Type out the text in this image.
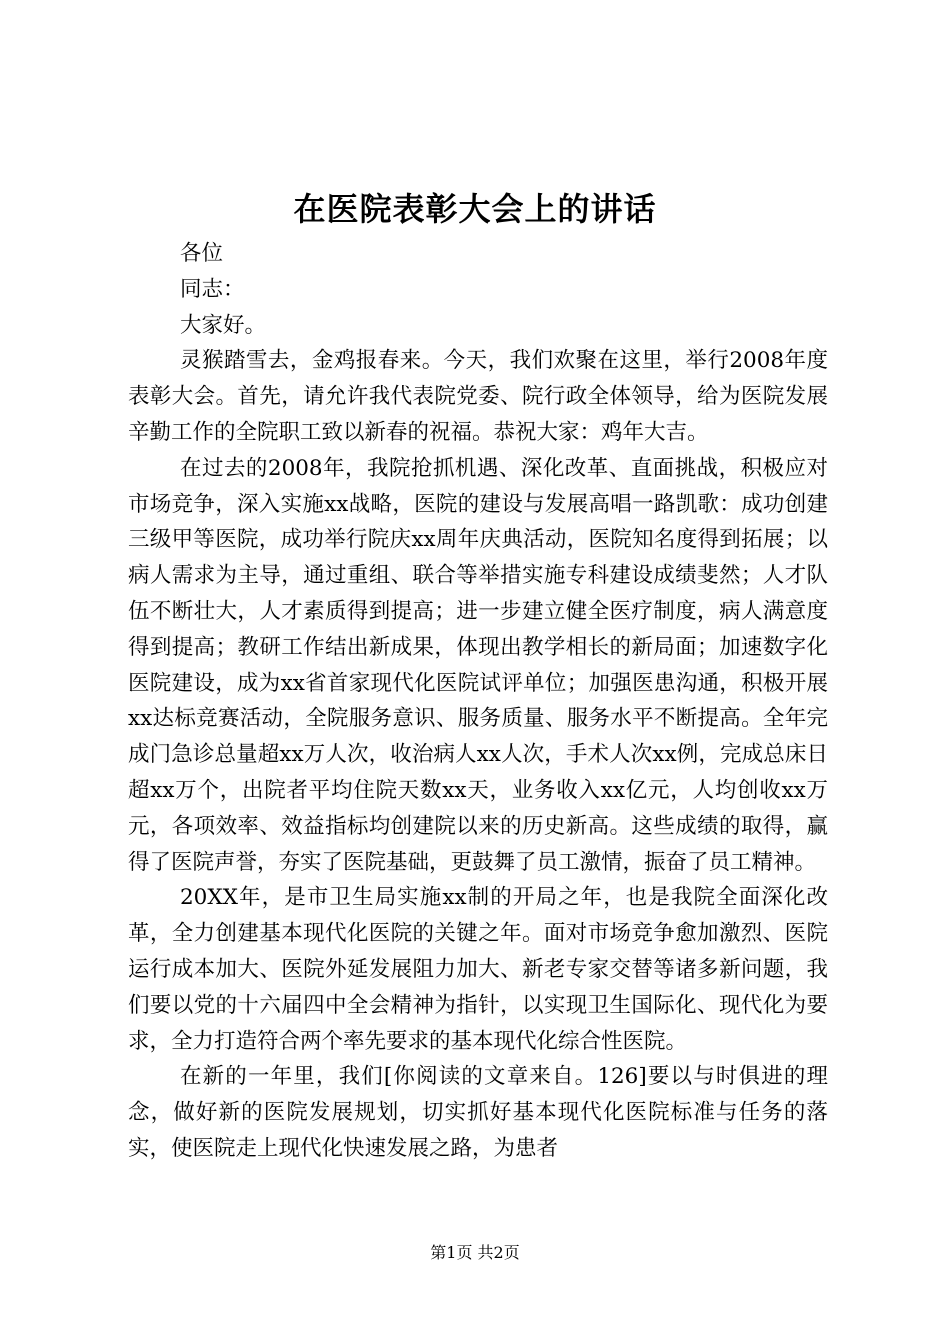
在医院表彰大会上的讲话

各位

同志：

大家好。

灵猴踏雪去，金鸡报春来。今天，我们欢聚在这里，举行2008年度表彰大会。首先，请允许我代表院党委、院行政全体领导，给为医院发展辛勤工作的全院职工致以新春的祝福。恭祝大家：鸡年大吉。

在过去的2008年，我院抢抓机遇、深化改革、直面挑战，积极应对市场竞争，深入实施xx战略，医院的建设与发展高唱一路凯歌：成功创建三级甲等医院，成功举行院庆xx周年庆典活动，医院知名度得到拓展；以病人需求为主导，通过重组、联合等举措实施专科建设成绩斐然；人才队伍不断壮大，人才素质得到提高；进一步建立健全医疗制度，病人满意度得到提高；教研工作结出新成果，体现出教学相长的新局面；加速数字化医院建设，成为xx省首家现代化医院试评单位；加强医患沟通，积极开展xx达标竞赛活动，全院服务意识、服务质量、服务水平不断提高。全年完成门急诊总量超xx万人次，收治病人xx人次，手术人次xx例，完成总床日超xx万个，出院者平均住院天数xx天，业务收入xx亿元，人均创收xx万元，各项效率、效益指标均创建院以来的历史新高。这些成绩的取得，赢得了医院声誉，夯实了医院基础，更鼓舞了员工激情，振奋了员工精神。

20XX年，是市卫生局实施xx制的开局之年，也是我院全面深化改革，全力创建基本现代化医院的关键之年。面对市场竞争愈加激烈、医院运行成本加大、医院外延发展阻力加大、新老专家交替等诸多新问题，我们要以党的十六届四中全会精神为指针，以实现卫生国际化、现代化为要求，全力打造符合两个率先要求的基本现代化综合性医院。

在新的一年里，我们[你阅读的文章来自。126]要以与时俱进的理念，做好新的医院发展规划，切实抓好基本现代化医院标准与任务的落实，使医院走上现代化快速发展之路，为患者

第1页 共2页
